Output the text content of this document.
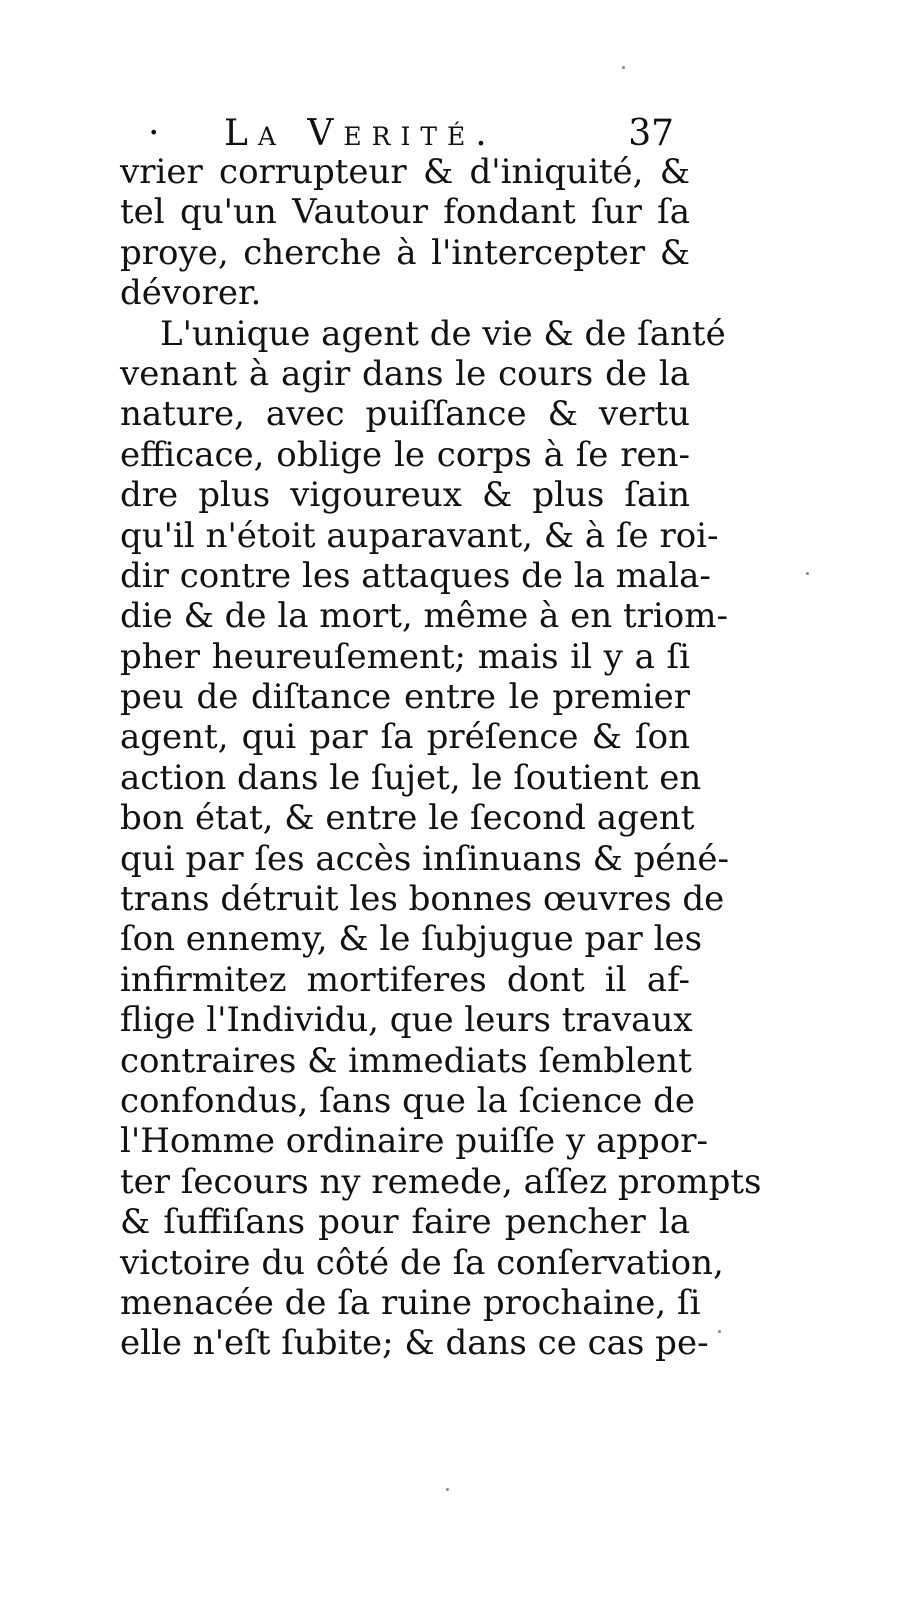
· La Verité.	37
vrier corrupteur & d'iniquité, &
tel qu'un Vautour fondant ſur ſa
proye, cherche à l'intercepter &
dévorer.
L'unique agent de vie & de ſanté
venant à agir dans le cours de la
nature, avec puiſſance & vertu
efficace, oblige le corps à ſe ren-
dre plus vigoureux & plus ſain
qu'il n'étoit auparavant, & à ſe roi-
dir contre les attaques de la mala-
die & de la mort, même à en triom-
pher heureuſement; mais il y a ſi
peu de diſtance entre le premier
agent, qui par ſa préſence & ſon
action dans le ſujet, le ſoutient en
bon état, & entre le ſecond agent
qui par ſes accès inſinuans & péné-
trans détruit les bonnes œuvres de
ſon ennemy, & le ſubjugue par les
infirmitez mortiferes dont il af-
flige l'Individu, que leurs travaux
contraires & immediats ſemblent
confondus, ſans que la ſcience de
l'Homme ordinaire puiſſe y appor-
ter ſecours ny remede, aſſez prompts
& ſuffiſans pour faire pencher la
victoire du côté de ſa conſervation,
menacée de ſa ruine prochaine, ſi
elle n'eſt ſubite; & dans ce cas pe-
